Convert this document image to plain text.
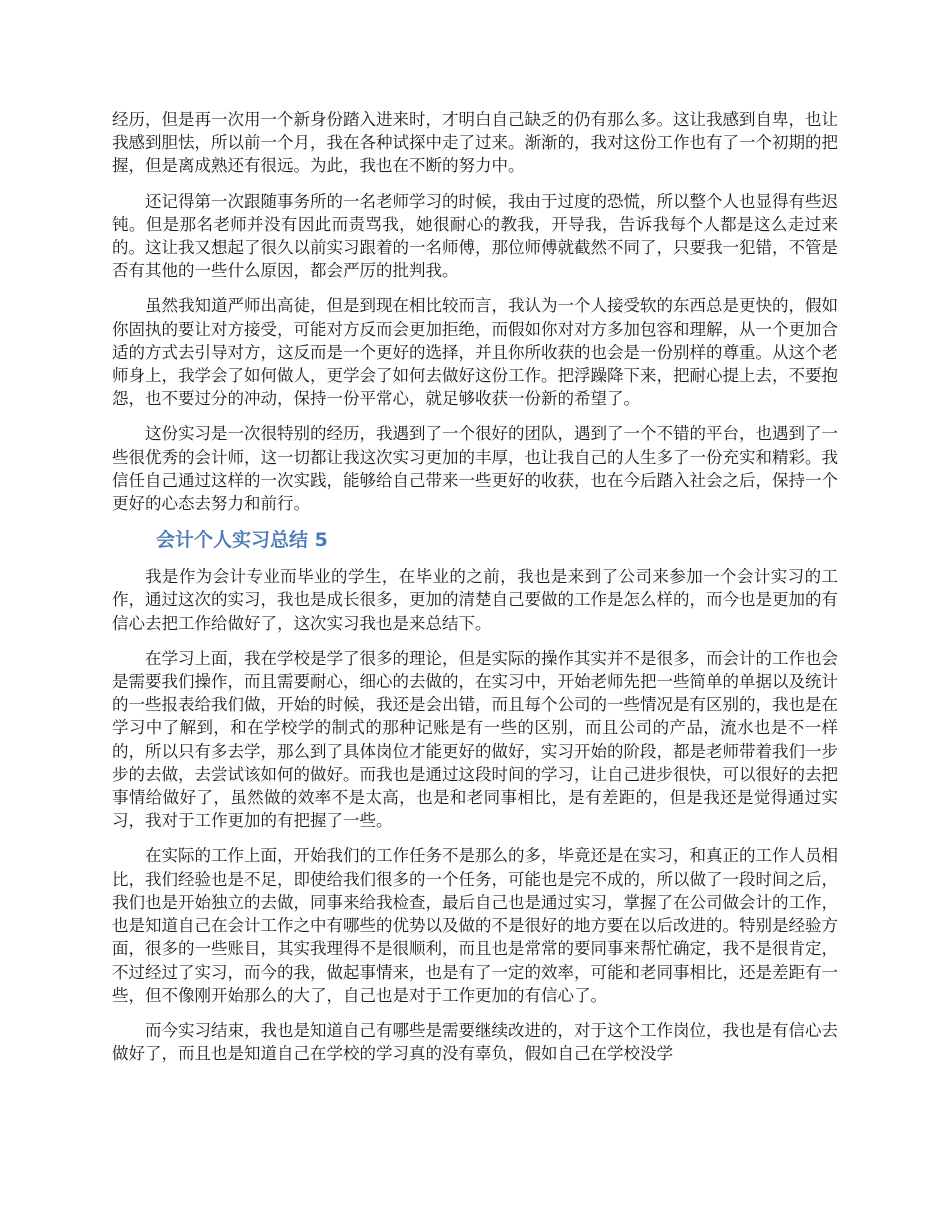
经历，但是再一次用一个新身份踏入进来时，才明白自己缺乏的仍有那么多。这让我感到自卑，也让我感到胆怯，所以前一个月，我在各种试探中走了过来。渐渐的，我对这份工作也有了一个初期的把握，但是离成熟还有很远。为此，我也在不断的努力中。

还记得第一次跟随事务所的一名老师学习的时候，我由于过度的恐慌，所以整个人也显得有些迟钝。但是那名老师并没有因此而责骂我，她很耐心的教我，开导我，告诉我每个人都是这么走过来的。这让我又想起了很久以前实习跟着的一名师傅，那位师傅就截然不同了，只要我一犯错，不管是否有其他的一些什么原因，都会严厉的批判我。

虽然我知道严师出高徒，但是到现在相比较而言，我认为一个人接受软的东西总是更快的，假如你固执的要让对方接受，可能对方反而会更加拒绝，而假如你对对方多加包容和理解，从一个更加合适的方式去引导对方，这反而是一个更好的选择，并且你所收获的也会是一份别样的尊重。从这个老师身上，我学会了如何做人，更学会了如何去做好这份工作。把浮躁降下来，把耐心提上去，不要抱怨，也不要过分的冲动，保持一份平常心，就足够收获一份新的希望了。

这份实习是一次很特别的经历，我遇到了一个很好的团队，遇到了一个不错的平台，也遇到了一些很优秀的会计师，这一切都让我这次实习更加的丰厚，也让我自己的人生多了一份充实和精彩。我信任自己通过这样的一次实践，能够给自己带来一些更好的收获，也在今后踏入社会之后，保持一个更好的心态去努力和前行。

会计个人实习总结 5

我是作为会计专业而毕业的学生，在毕业的之前，我也是来到了公司来参加一个会计实习的工作，通过这次的实习，我也是成长很多，更加的清楚自己要做的工作是怎么样的，而今也是更加的有信心去把工作给做好了，这次实习我也是来总结下。

在学习上面，我在学校是学了很多的理论，但是实际的操作其实并不是很多，而会计的工作也会是需要我们操作，而且需要耐心，细心的去做的，在实习中，开始老师先把一些简单的单据以及统计的一些报表给我们做，开始的时候，我还是会出错，而且每个公司的一些情况是有区别的，我也是在学习中了解到，和在学校学的制式的那种记账是有一些的区别，而且公司的产品，流水也是不一样的，所以只有多去学，那么到了具体岗位才能更好的做好，实习开始的阶段，都是老师带着我们一步步的去做，去尝试该如何的做好。而我也是通过这段时间的学习，让自己进步很快，可以很好的去把事情给做好了，虽然做的效率不是太高，也是和老同事相比，是有差距的，但是我还是觉得通过实习，我对于工作更加的有把握了一些。

在实际的工作上面，开始我们的工作任务不是那么的多，毕竟还是在实习，和真正的工作人员相比，我们经验也是不足，即使给我们很多的一个任务，可能也是完不成的，所以做了一段时间之后，我们也是开始独立的去做，同事来给我检查，最后自己也是通过实习，掌握了在公司做会计的工作，也是知道自己在会计工作之中有哪些的优势以及做的不是很好的地方要在以后改进的。特别是经验方面，很多的一些账目，其实我理得不是很顺利，而且也是常常的要同事来帮忙确定，我不是很肯定，不过经过了实习，而今的我，做起事情来，也是有了一定的效率，可能和老同事相比，还是差距有一些，但不像刚开始那么的大了，自己也是对于工作更加的有信心了。

而今实习结束，我也是知道自己有哪些是需要继续改进的，对于这个工作岗位，我也是有信心去做好了，而且也是知道自己在学校的学习真的没有辜负，假如自己在学校没学
